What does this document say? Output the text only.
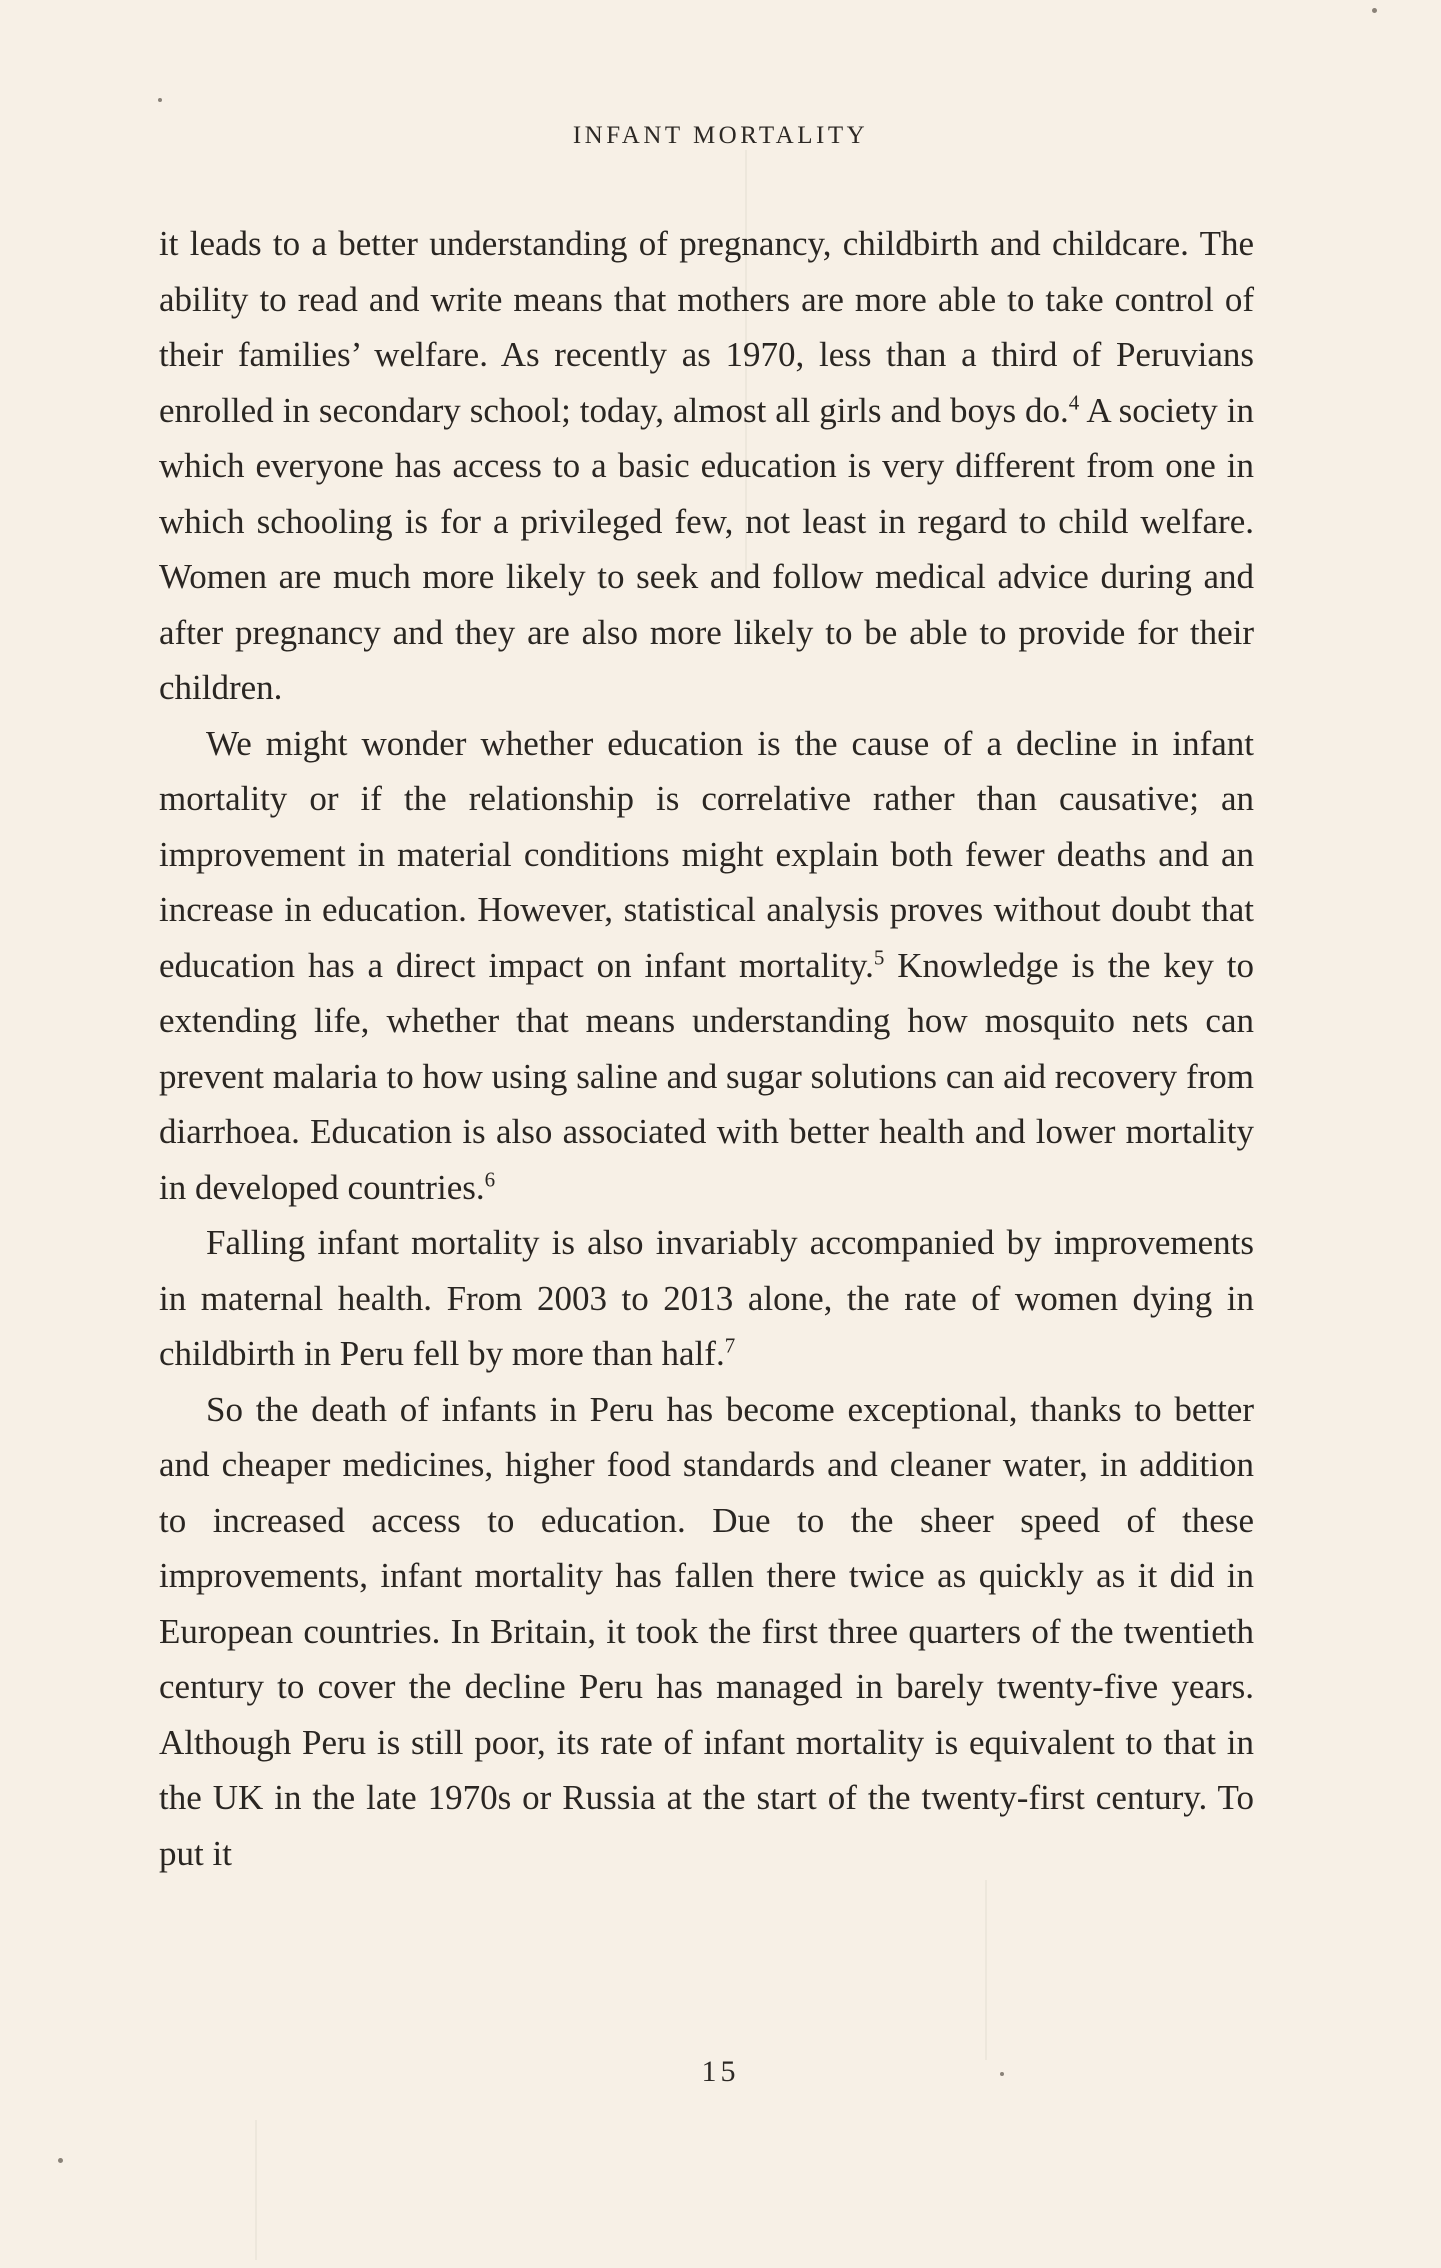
INFANT MORTALITY

it leads to a better understanding of pregnancy, childbirth and childcare. The ability to read and write means that mothers are more able to take control of their families’ welfare. As recently as 1970, less than a third of Peruvians enrolled in secondary school; today, almost all girls and boys do.$^4$ A society in which everyone has access to a basic education is very different from one in which schooling is for a privileged few, not least in regard to child welfare. Women are much more likely to seek and follow medical advice during and after pregnancy and they are also more likely to be able to provide for their children.

We might wonder whether education is the cause of a decline in infant mortality or if the relationship is correlative rather than causative; an improvement in material conditions might explain both fewer deaths and an increase in education. However, statistical analysis proves without doubt that education has a direct impact on infant mortality.$^5$ Knowledge is the key to extending life, whether that means understanding how mosquito nets can prevent malaria to how using saline and sugar solutions can aid recovery from diarrhoea. Education is also associated with better health and lower mortality in developed countries.$^6$

Falling infant mortality is also invariably accompanied by improvements in maternal health. From 2003 to 2013 alone, the rate of women dying in childbirth in Peru fell by more than half.$^7$

So the death of infants in Peru has become exceptional, thanks to better and cheaper medicines, higher food standards and cleaner water, in addition to increased access to education. Due to the sheer speed of these improvements, infant mortality has fallen there twice as quickly as it did in European countries. In Britain, it took the first three quarters of the twentieth century to cover the decline Peru has managed in barely twenty-five years. Although Peru is still poor, its rate of infant mortality is equivalent to that in the UK in the late 1970s or Russia at the start of the twenty-first century. To put it

15
